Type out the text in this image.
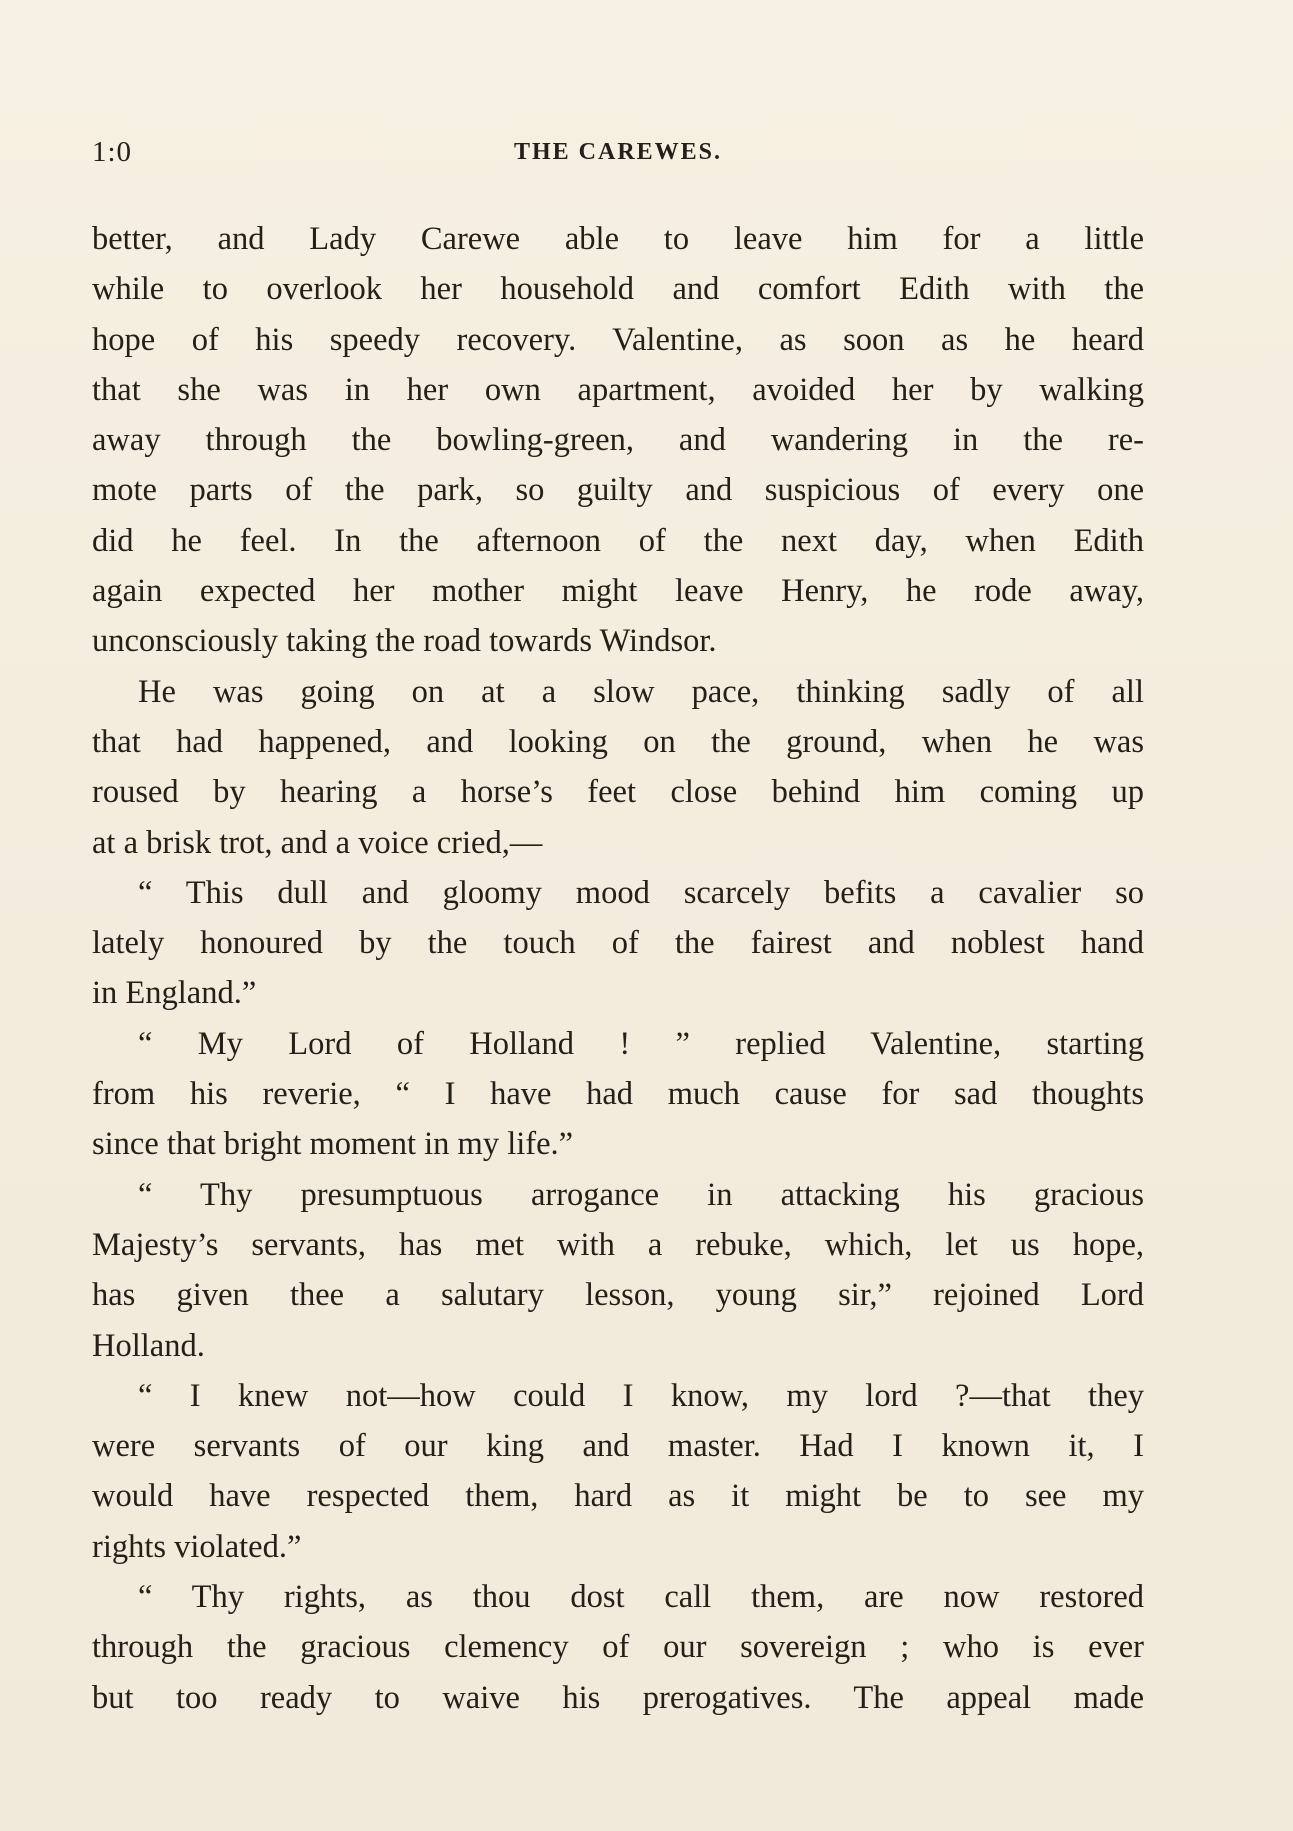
1:0	THE CAREWES.
better, and Lady Carewe able to leave him for a little
while to overlook her household and comfort Edith with the
hope of his speedy recovery. Valentine, as soon as he heard
that she was in her own apartment, avoided her by walking
away through the bowling-green, and wandering in the re-
mote parts of the park, so guilty and suspicious of every one
did he feel. In the afternoon of the next day, when Edith
again expected her mother might leave Henry, he rode away,
unconsciously taking the road towards Windsor.
He was going on at a slow pace, thinking sadly of all
that had happened, and looking on the ground, when he was
roused by hearing a horse’s feet close behind him coming up
at a brisk trot, and a voice cried,—
“ This dull and gloomy mood scarcely befits a cavalier so
lately honoured by the touch of the fairest and noblest hand
in England.”
“ My Lord of Holland ! ” replied Valentine, starting
from his reverie, “ I have had much cause for sad thoughts
since that bright moment in my life.”
“ Thy presumptuous arrogance in attacking his gracious
Majesty’s servants, has met with a rebuke, which, let us hope,
has given thee a salutary lesson, young sir,” rejoined Lord
Holland.
“ I knew not—how could I know, my lord ?—that they
were servants of our king and master. Had I known it, I
would have respected them, hard as it might be to see my
rights violated.”
“ Thy rights, as thou dost call them, are now restored
through the gracious clemency of our sovereign ; who is ever
but too ready to waive his prerogatives. The appeal made
